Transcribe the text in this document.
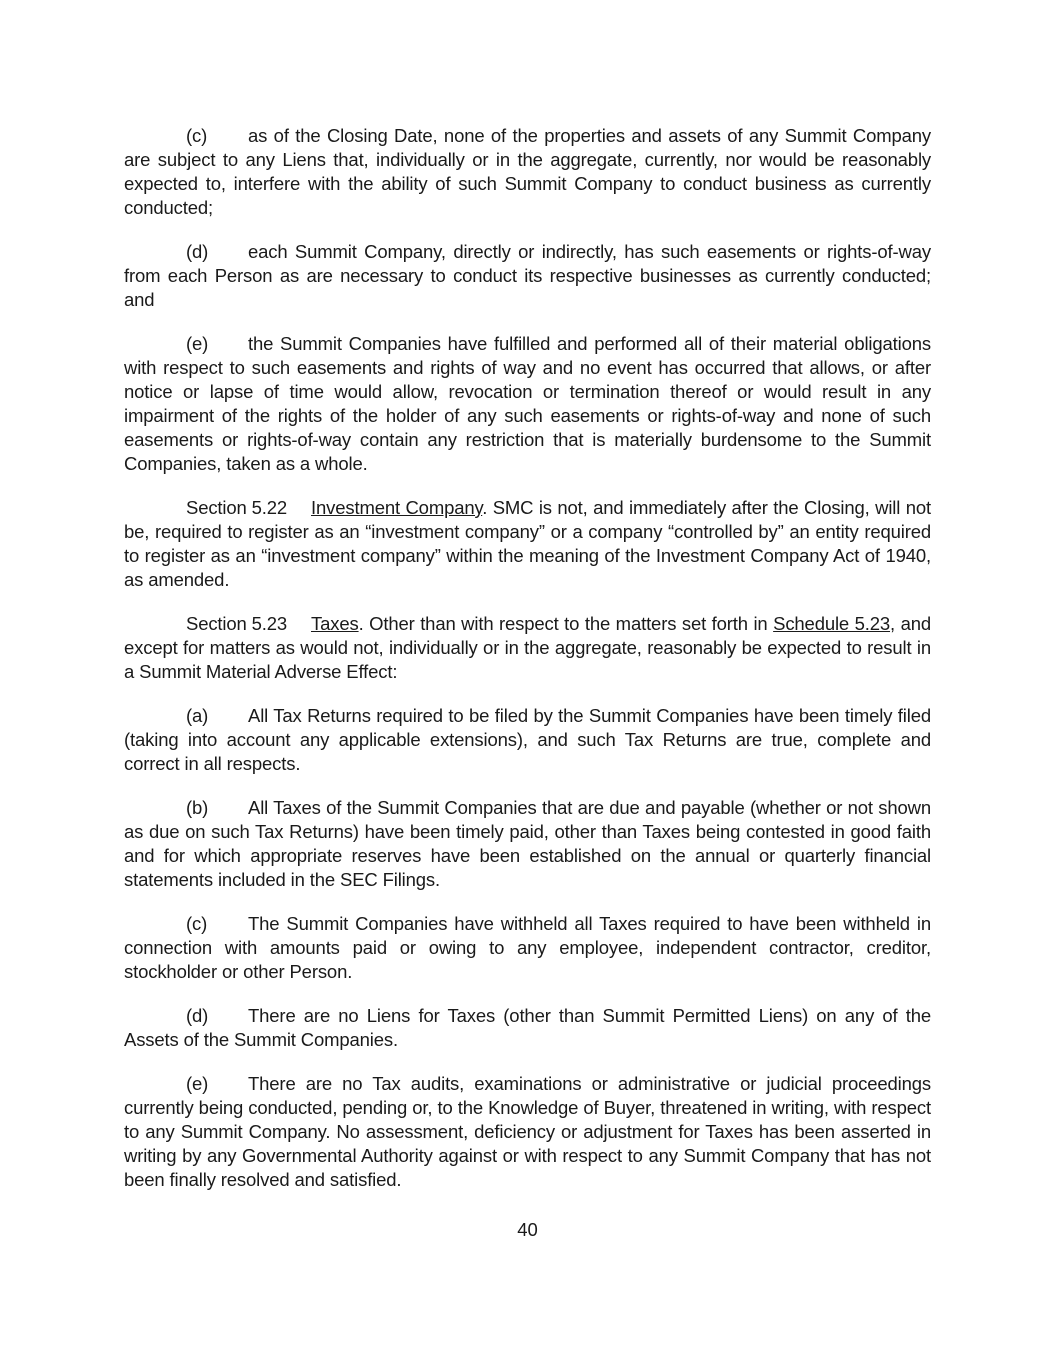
(c) as of the Closing Date, none of the properties and assets of any Summit Company are subject to any Liens that, individually or in the aggregate, currently, nor would be reasonably expected to, interfere with the ability of such Summit Company to conduct business as currently conducted;

(d) each Summit Company, directly or indirectly, has such easements or rights-of-way from each Person as are necessary to conduct its respective businesses as currently conducted; and

(e) the Summit Companies have fulfilled and performed all of their material obligations with respect to such easements and rights of way and no event has occurred that allows, or after notice or lapse of time would allow, revocation or termination thereof or would result in any impairment of the rights of the holder of any such easements or rights-of-way and none of such easements or rights-of-way contain any restriction that is materially burdensome to the Summit Companies, taken as a whole.

Section 5.22 Investment Company. SMC is not, and immediately after the Closing, will not be, required to register as an “investment company” or a company “controlled by” an entity required to register as an “investment company” within the meaning of the Investment Company Act of 1940, as amended.

Section 5.23 Taxes. Other than with respect to the matters set forth in Schedule 5.23, and except for matters as would not, individually or in the aggregate, reasonably be expected to result in a Summit Material Adverse Effect:

(a) All Tax Returns required to be filed by the Summit Companies have been timely filed (taking into account any applicable extensions), and such Tax Returns are true, complete and correct in all respects.

(b) All Taxes of the Summit Companies that are due and payable (whether or not shown as due on such Tax Returns) have been timely paid, other than Taxes being contested in good faith and for which appropriate reserves have been established on the annual or quarterly financial statements included in the SEC Filings.

(c) The Summit Companies have withheld all Taxes required to have been withheld in connection with amounts paid or owing to any employee, independent contractor, creditor, stockholder or other Person.

(d) There are no Liens for Taxes (other than Summit Permitted Liens) on any of the Assets of the Summit Companies.

(e) There are no Tax audits, examinations or administrative or judicial proceedings currently being conducted, pending or, to the Knowledge of Buyer, threatened in writing, with respect to any Summit Company. No assessment, deficiency or adjustment for Taxes has been asserted in writing by any Governmental Authority against or with respect to any Summit Company that has not been finally resolved and satisfied.

40
